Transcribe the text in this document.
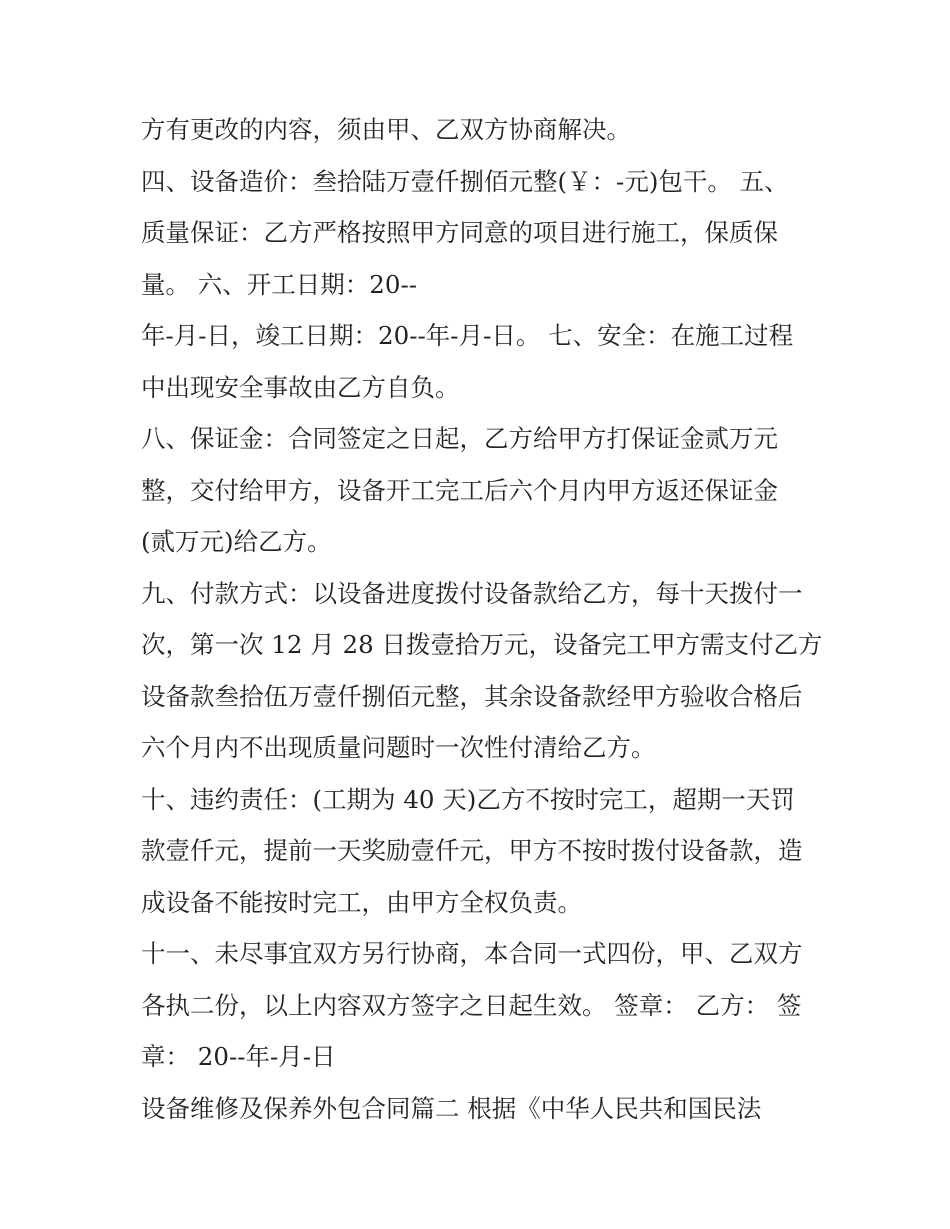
方有更改的内容，须由甲、乙双方协商解决。
四、设备造价：叁拾陆万壹仟捌佰元整(￥：-元)包干。 五、
质量保证：乙方严格按照甲方同意的项目进行施工，保质保
量。 六、开工日期：20--
年-月-日，竣工日期：20--年-月-日。 七、安全：在施工过程
中出现安全事故由乙方自负。
八、保证金：合同签定之日起，乙方给甲方打保证金贰万元
整，交付给甲方，设备开工完工后六个月内甲方返还保证金
(贰万元)给乙方。
九、付款方式：以设备进度拨付设备款给乙方，每十天拨付一
次，第一次 12 月 28 日拨壹拾万元，设备完工甲方需支付乙方
设备款叁拾伍万壹仟捌佰元整，其余设备款经甲方验收合格后
六个月内不出现质量问题时一次性付清给乙方。
十、违约责任：(工期为 40 天)乙方不按时完工，超期一天罚
款壹仟元，提前一天奖励壹仟元，甲方不按时拨付设备款，造
成设备不能按时完工，由甲方全权负责。
十一、未尽事宜双方另行协商，本合同一式四份，甲、乙双方
各执二份，以上内容双方签字之日起生效。 签章： 乙方： 签
章： 20--年-月-日
设备维修及保养外包合同篇二 根据《中华人民共和国民法
